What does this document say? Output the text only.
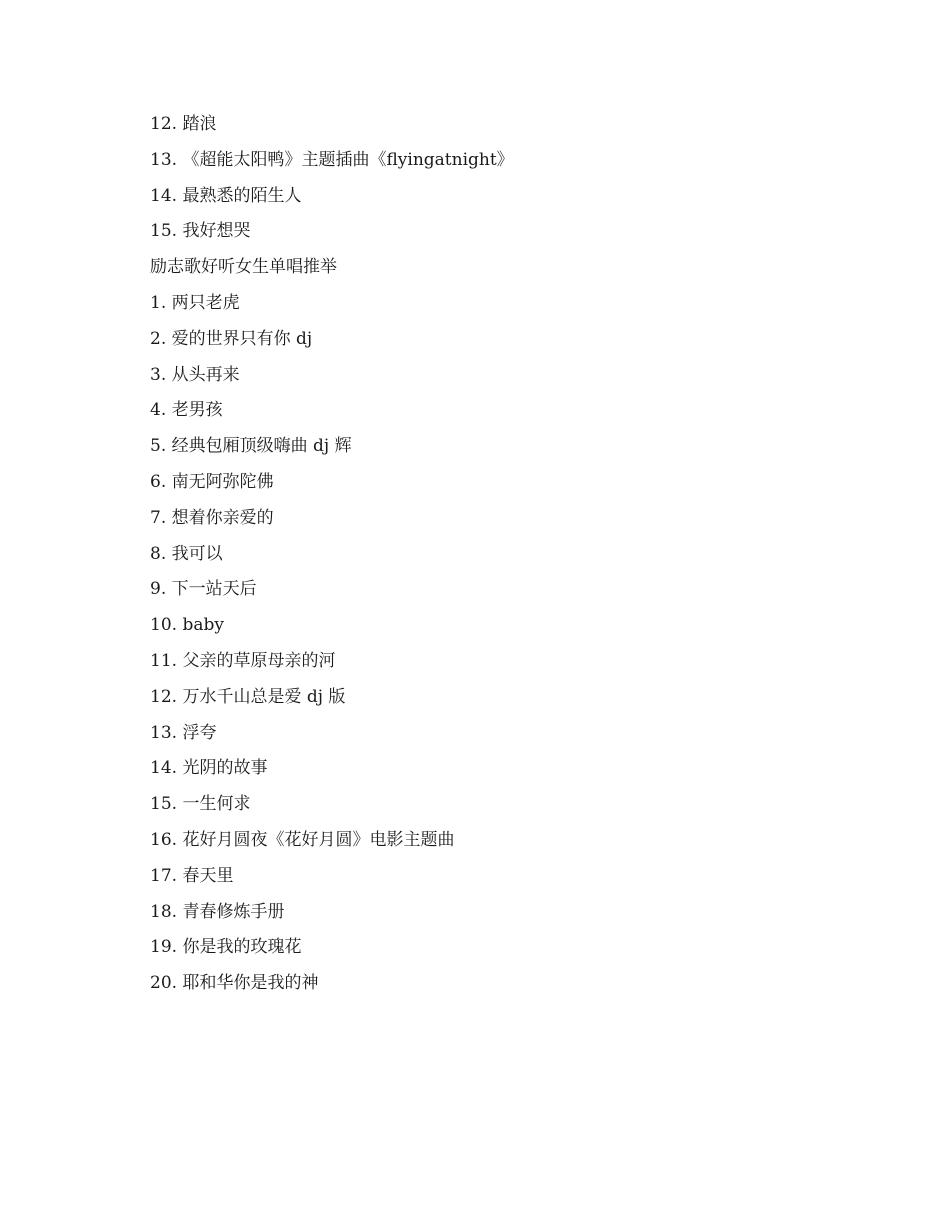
12. 踏浪
13. 《超能太阳鸭》主题插曲《flyingatnight》
14. 最熟悉的陌生人
15. 我好想哭
励志歌好听女生单唱推举
1. 两只老虎
2. 爱的世界只有你 dj
3. 从头再来
4. 老男孩
5. 经典包厢顶级嗨曲 dj 辉
6. 南无阿弥陀佛
7. 想着你亲爱的
8. 我可以
9. 下一站天后
10. baby
11. 父亲的草原母亲的河
12. 万水千山总是爱 dj 版
13. 浮夸
14. 光阴的故事
15. 一生何求
16. 花好月圆夜《花好月圆》电影主题曲
17. 春天里
18. 青春修炼手册
19. 你是我的玫瑰花
20. 耶和华你是我的神
